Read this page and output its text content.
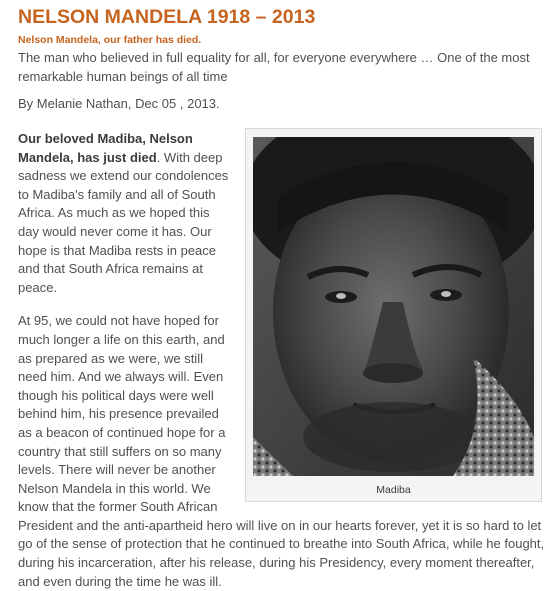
NELSON MANDELA 1918 – 2013
Nelson Mandela, our father has died.
The man who believed in full equality for all, for everyone everywhere … One of the most remarkable human beings of all time
By Melanie Nathan, Dec 05 , 2013.
Madiba

Our beloved Madiba, Nelson Mandela, has just died. With deep sadness we extend our condolences to Madiba's family and all of South Africa. As much as we hoped this day would never come it has. Our hope is that Madiba rests in peace and that South Africa remains at peace.

At 95, we could not have hoped for much longer a life on this earth, and as prepared as we were, we still need him. And we always will. Even though his political days were well behind him, his presence prevailed as a beacon of continued hope for a country that still suffers on so many levels. There will never be another Nelson Mandela in this world. We know that the former South African President and the anti-apartheid hero will live on in our hearts forever, yet it is so hard to let go of the sense of protection that he continued to breathe into South Africa, while he fought, during his incarceration, after his release, during his Presidency, every moment thereafter, and even during the time he was ill.
